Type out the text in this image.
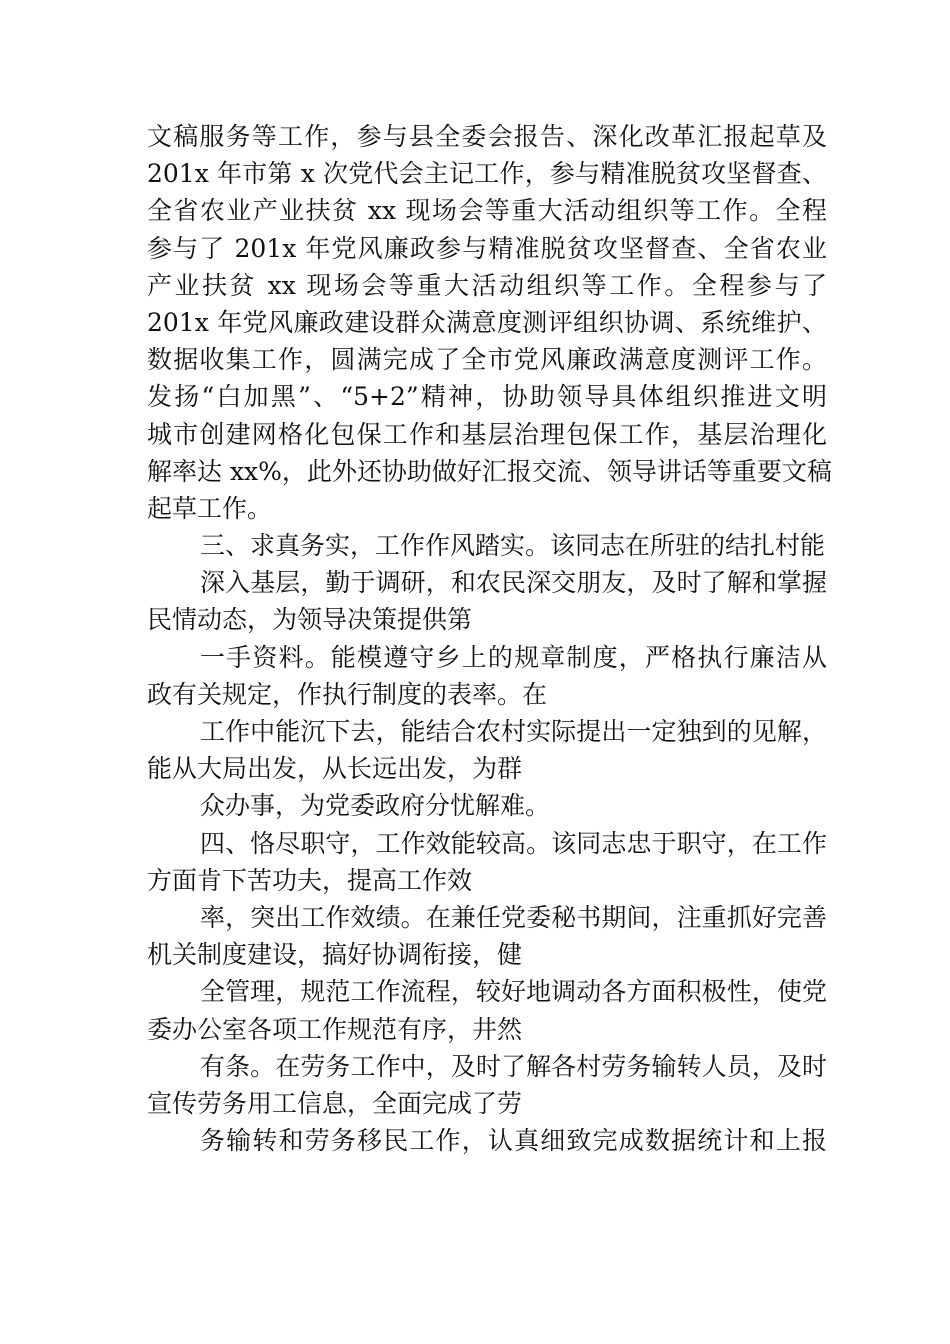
文稿服务等工作，参与县全委会报告、深化改革汇报起草及
201x 年市第 x 次党代会主记工作，参与精准脱贫攻坚督查、
全省农业产业扶贫 xx 现场会等重大活动组织等工作。全程
参与了 201x 年党风廉政参与精准脱贫攻坚督查、全省农业
产业扶贫 xx 现场会等重大活动组织等工作。全程参与了
201x 年党风廉政建设群众满意度测评组织协调、系统维护、
数据收集工作，圆满完成了全市党风廉政满意度测评工作。
发扬“白加黑”、“5+2”精神，协助领导具体组织推进文明
城市创建网格化包保工作和基层治理包保工作，基层治理化
解率达 xx%，此外还协助做好汇报交流、领导讲话等重要文稿
起草工作。
三、求真务实，工作作风踏实。该同志在所驻的结扎村能
深入基层，勤于调研，和农民深交朋友，及时了解和掌握
民情动态，为领导决策提供第
一手资料。能模遵守乡上的规章制度，严格执行廉洁从
政有关规定，作执行制度的表率。在
工作中能沉下去，能结合农村实际提出一定独到的见解，
能从大局出发，从长远出发，为群
众办事，为党委政府分忧解难。
四、恪尽职守，工作效能较高。该同志忠于职守，在工作
方面肯下苦功夫，提高工作效
率，突出工作效绩。在兼任党委秘书期间，注重抓好完善
机关制度建设，搞好协调衔接，健
全管理，规范工作流程，较好地调动各方面积极性，使党
委办公室各项工作规范有序，井然
有条。在劳务工作中，及时了解各村劳务输转人员，及时
宣传劳务用工信息，全面完成了劳
务输转和劳务移民工作，认真细致完成数据统计和上报
